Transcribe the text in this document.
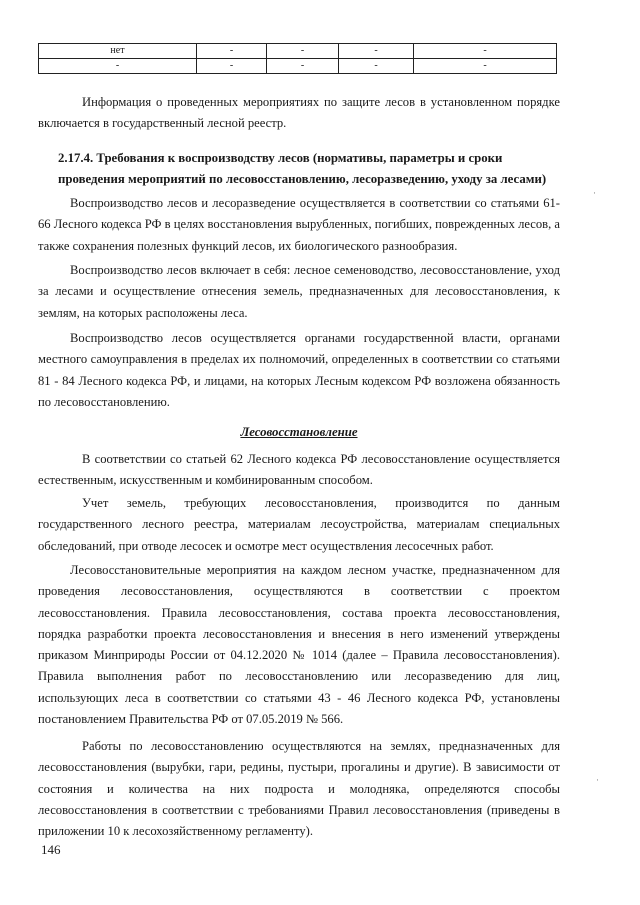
нет	-	-	-	-
-	-	-	-	-

Информация о проведенных мероприятиях по защите лесов в установленном порядке включается в государственный лесной реестр.

2.17.4. Требования к воспроизводству лесов (нормативы, параметры и сроки проведения мероприятий по лесовосстановлению, лесоразведению, уходу за лесами)

Воспроизводство лесов и лесоразведение осуществляется в соответствии со статьями 61-66 Лесного кодекса РФ в целях восстановления вырубленных, погибших, поврежденных лесов, а также сохранения полезных функций лесов, их биологического разнообразия.

Воспроизводство лесов включает в себя: лесное семеноводство, лесовосстановление, уход за лесами и осуществление отнесения земель, предназначенных для лесовосстановления, к землям, на которых расположены леса.

Воспроизводство лесов осуществляется органами государственной власти, органами местного самоуправления в пределах их полномочий, определенных в соответствии со статьями 81 - 84 Лесного кодекса РФ, и лицами, на которых Лесным кодексом РФ возложена обязанность по лесовосстановлению.

Лесовосстановление

В соответствии со статьей 62 Лесного кодекса РФ лесовосстановление осуществляется естественным, искусственным и комбинированным способом.

Учет земель, требующих лесовосстановления, производится по данным государственного лесного реестра, материалам лесоустройства, материалам специальных обследований, при отводе лесосек и осмотре мест осуществления лесосечных работ.

Лесовосстановительные мероприятия на каждом лесном участке, предназначенном для проведения лесовосстановления, осуществляются в соответствии с проектом лесовосстановления. Правила лесовосстановления, состава проекта лесовосстановления, порядка разработки проекта лесовосстановления и внесения в него изменений утверждены приказом Минприроды России от 04.12.2020 № 1014 (далее – Правила лесовосстановления). Правила выполнения работ по лесовосстановлению или лесоразведению для лиц, использующих леса в соответствии со статьями 43 - 46 Лесного кодекса РФ, установлены постановлением Правительства РФ от 07.05.2019 № 566.

Работы по лесовосстановлению осуществляются на землях, предназначенных для лесовосстановления (вырубки, гари, редины, пустыри, прогалины и другие). В зависимости от состояния и количества на них подроста и молодняка, определяются способы лесовосстановления в соответствии с требованиями Правил лесовосстановления (приведены в приложении 10 к лесохозяйственному регламенту).

146

·
·
